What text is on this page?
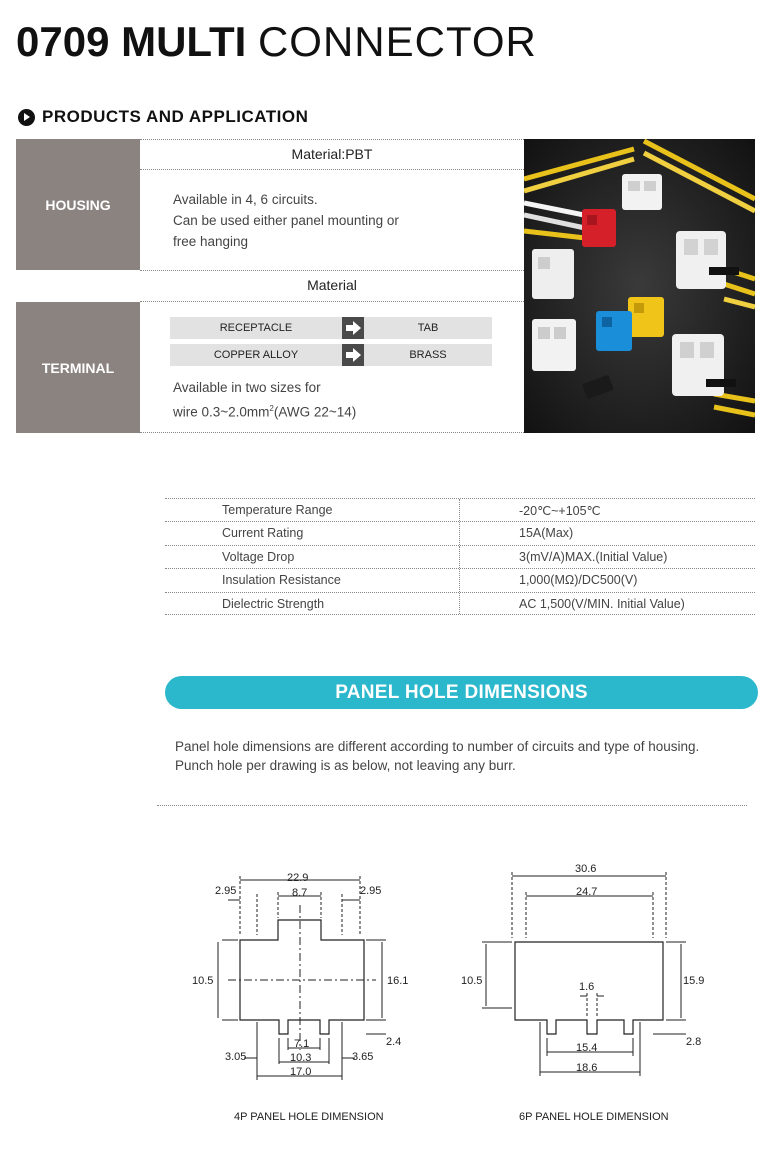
0709 MULTI CONNECTOR
PRODUCTS AND APPLICATION
HOUSING
Material:PBT
Available in 4, 6 circuits.
Can be used either panel mounting or
free hanging
Material
TERMINAL
RECEPTACLE	TAB
COPPER ALLOY	BRASS
Available in two sizes for
wire $0.3\sim 2.0mm^2(AWG$ 22~14)
Temperature Range	-20℃~+105℃
Current Rating	15A(Max)
Voltage Drop	3(mV/A)MAX.(Initial Value)
Insulation Resistance	1,000(MΩ)/DC500(V)
Dielectric Strength	AC 1,500(V/MIN. Initial Value)
PANEL HOLE DIMENSIONS
Panel hole dimensions are different according to number of circuits and type of housing.
Punch hole per drawing is as below, not leaving any burr.
22.9
2.95	2.95
8.7
10.5	16.1
2.4
7.1
10.3
17.0
3.05	3.65
4P PANEL HOLE DIMENSION
30.6
24.7
10.5	15.9
1.6
2.8
15.4
18.6
6P PANEL HOLE DIMENSION
